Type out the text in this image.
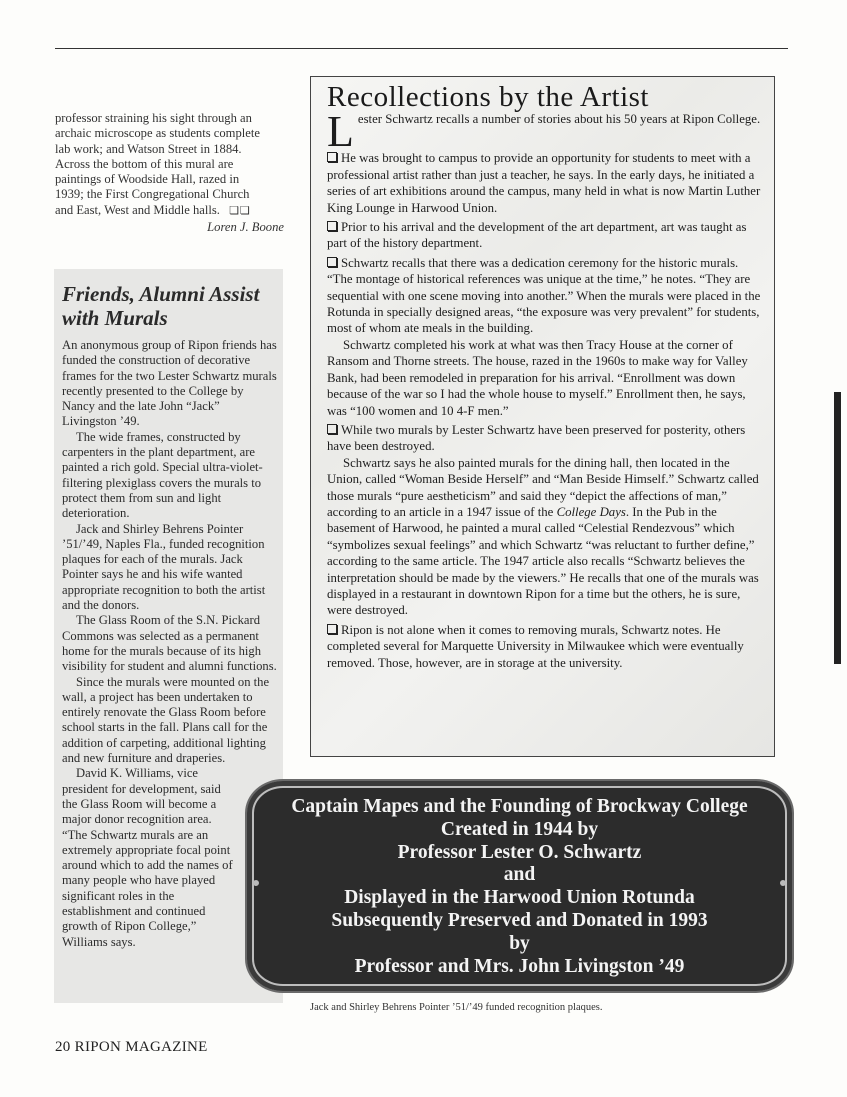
professor straining his sight through an
archaic microscope as students complete
lab work; and Watson Street in 1884.
Across the bottom of this mural are
paintings of Woodside Hall, razed in
1939; the First Congregational Church
and East, West and Middle halls. ❏❏

Loren J. Boone
Friends, Alumni Assist with Murals

An anonymous group of Ripon friends has funded the construction of decorative frames for the two Lester Schwartz murals recently presented to the College by Nancy and the late John “Jack” Livingston ’49.

The wide frames, constructed by carpenters in the plant department, are painted a rich gold. Special ultra-violet-filtering plexiglass covers the murals to protect them from sun and light deterioration.

Jack and Shirley Behrens Pointer ’51/’49, Naples Fla., funded recognition plaques for each of the murals. Jack Pointer says he and his wife wanted appropriate recognition to both the artist and the donors.

The Glass Room of the S.N. Pickard Commons was selected as a permanent home for the murals because of its high visibility for student and alumni functions.

Since the murals were mounted on the wall, a project has been undertaken to entirely renovate the Glass Room before school starts in the fall. Plans call for the addition of carpeting, additional lighting and new furniture and draperies.

David K. Williams, vice president for development, said the Glass Room will become a major donor recognition area. “The Schwartz murals are an extremely appropriate focal point around which to add the names of many people who have played significant roles in the establishment and continued growth of Ripon College,” Williams says.

Recollections by the Artist

Lester Schwartz recalls a number of stories about his 50 years at Ripon College.

He was brought to campus to provide an opportunity for students to meet with a professional artist rather than just a teacher, he says. In the early days, he initiated a series of art exhibitions around the campus, many held in what is now Martin Luther King Lounge in Harwood Union.

Prior to his arrival and the development of the art department, art was taught as part of the history department.

Schwartz recalls that there was a dedication ceremony for the historic murals. “The montage of historical references was unique at the time,” he notes. “They are sequential with one scene moving into another.” When the murals were placed in the Rotunda in specially designed areas, “the exposure was very prevalent” for students, most of whom ate meals in the building.

Schwartz completed his work at what was then Tracy House at the corner of Ransom and Thorne streets. The house, razed in the 1960s to make way for Valley Bank, had been remodeled in preparation for his arrival. “Enrollment was down because of the war so I had the whole house to myself.” Enrollment then, he says, was “100 women and 10 4-F men.”

While two murals by Lester Schwartz have been preserved for posterity, others have been destroyed.

Schwartz says he also painted murals for the dining hall, then located in the Union, called “Woman Beside Herself” and “Man Beside Himself.” Schwartz called those murals “pure aestheticism” and said they “depict the affections of man,” according to an article in a 1947 issue of the College Days. In the Pub in the basement of Harwood, he painted a mural called “Celestial Rendezvous” which “symbolizes sexual feelings” and which Schwartz “was reluctant to further define,” according to the same article. The 1947 article also recalls “Schwartz believes the interpretation should be made by the viewers.” He recalls that one of the murals was displayed in a restaurant in downtown Ripon for a time but the others, he is sure, were destroyed.

Ripon is not alone when it comes to removing murals, Schwartz notes. He completed several for Marquette University in Milwaukee which were eventually removed. Those, however, are in storage at the university.

Captain Mapes and the Founding of Brockway College
Created in 1944 by
Professor Lester O. Schwartz
and
Displayed in the Harwood Union Rotunda
Subsequently Preserved and Donated in 1993
by
Professor and Mrs. John Livingston ’49
Jack and Shirley Behrens Pointer ’51/’49 funded recognition plaques.
20 RIPON MAGAZINE
